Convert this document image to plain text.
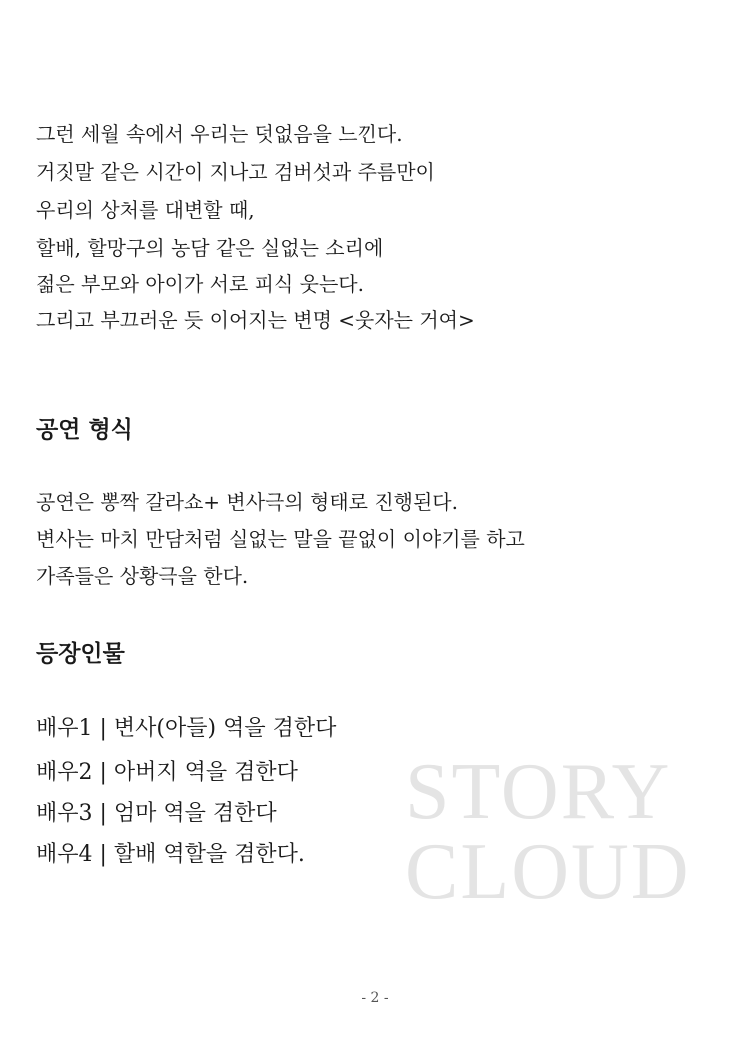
그런 세월 속에서 우리는 덧없음을 느낀다.
거짓말 같은 시간이 지나고 검버섯과 주름만이
우리의 상처를 대변할 때,
할배, 할망구의 농담 같은 실없는 소리에
젊은 부모와 아이가 서로 피식 웃는다.
그리고 부끄러운 듯 이어지는 변명 <웃자는 거여>
공연 형식
공연은 뽕짝 갈라쇼+ 변사극의 형태로 진행된다.
변사는 마치 만담처럼 실없는 말을 끝없이 이야기를 하고
가족들은 상황극을 한다.
등장인물
배우1 | 변사(아들) 역을 겸한다
배우2 | 아버지 역을 겸한다
배우3 | 엄마 역을 겸한다
배우4 | 할배 역할을 겸한다.
STORY
CLOUD
- 2 -
